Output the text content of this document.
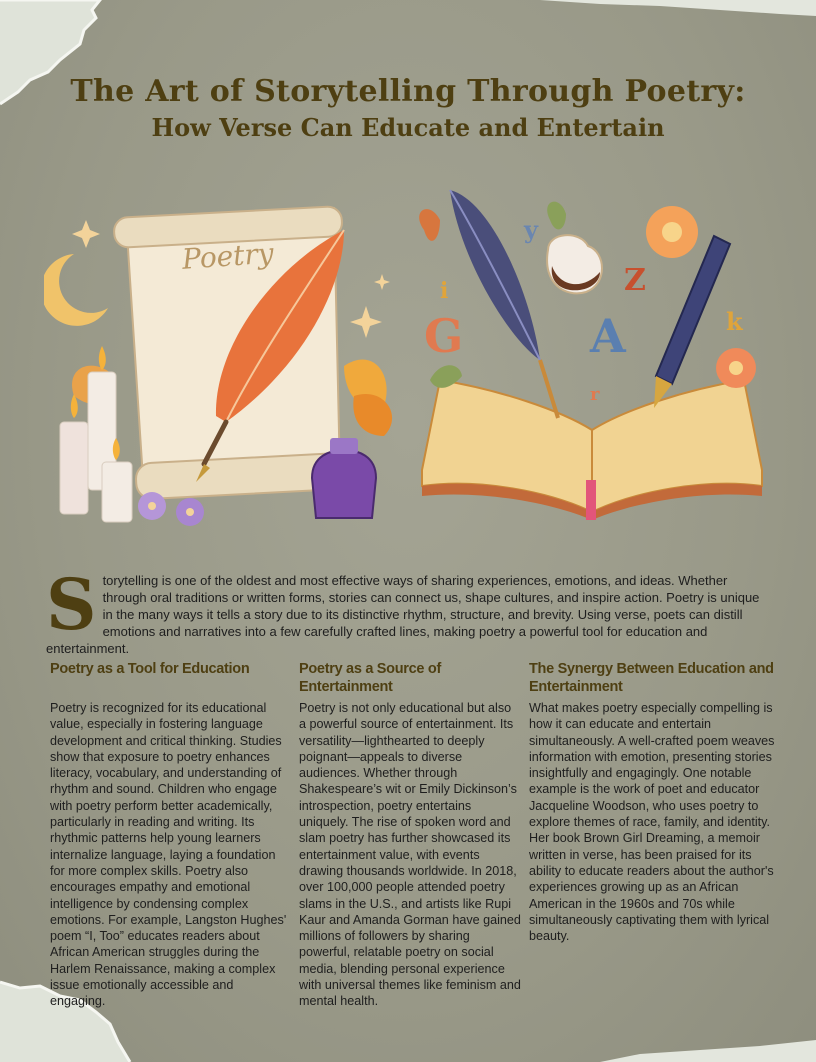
The Art of Storytelling Through Poetry:
How Verse Can Educate and Entertain
Poetry
y
i
G
Z
A	k
r
S torytelling is one of the oldest and most effective ways of sharing experiences, emotions, and ideas. Whether through oral traditions or written forms, stories can connect us, shape cultures, and inspire action. Poetry is unique in the many ways it tells a story due to its distinctive rhythm, structure, and brevity. Using verse, poets can distill emotions and narratives into a few carefully crafted lines, making poetry a powerful tool for education and entertainment.
Poetry as a Tool for Education

Poetry is recognized for its educational value, especially in fostering language development and critical thinking. Studies show that exposure to poetry enhances literacy, vocabulary, and understanding of rhythm and sound. Children who engage with poetry perform better academically, particularly in reading and writing. Its rhythmic patterns help young learners internalize language, laying a foundation for more complex skills. Poetry also encourages empathy and emotional intelligence by condensing complex emotions. For example, Langston Hughes' poem “I, Too” educates readers about African American struggles during the Harlem Renaissance, making a complex issue emotionally accessible and engaging.

Poetry as a Source of Entertainment

Poetry is not only educational but also a powerful source of entertainment. Its versatility—lighthearted to deeply poignant—appeals to diverse audiences. Whether through Shakespeare’s wit or Emily Dickinson’s introspection, poetry entertains uniquely. The rise of spoken word and slam poetry has further showcased its entertainment value, with events drawing thousands worldwide. In 2018, over 100,000 people attended poetry slams in the U.S., and artists like Rupi Kaur and Amanda Gorman have gained millions of followers by sharing powerful, relatable poetry on social media, blending personal experience with universal themes like feminism and mental health.

The Synergy Between Education and Entertainment

What makes poetry especially compelling is how it can educate and entertain simultaneously. A well-crafted poem weaves information with emotion, presenting stories insightfully and engagingly. One notable example is the work of poet and educator Jacqueline Woodson, who uses poetry to explore themes of race, family, and identity. Her book Brown Girl Dreaming, a memoir written in verse, has been praised for its ability to educate readers about the author's experiences growing up as an African American in the 1960s and 70s while simultaneously captivating them with lyrical beauty.
